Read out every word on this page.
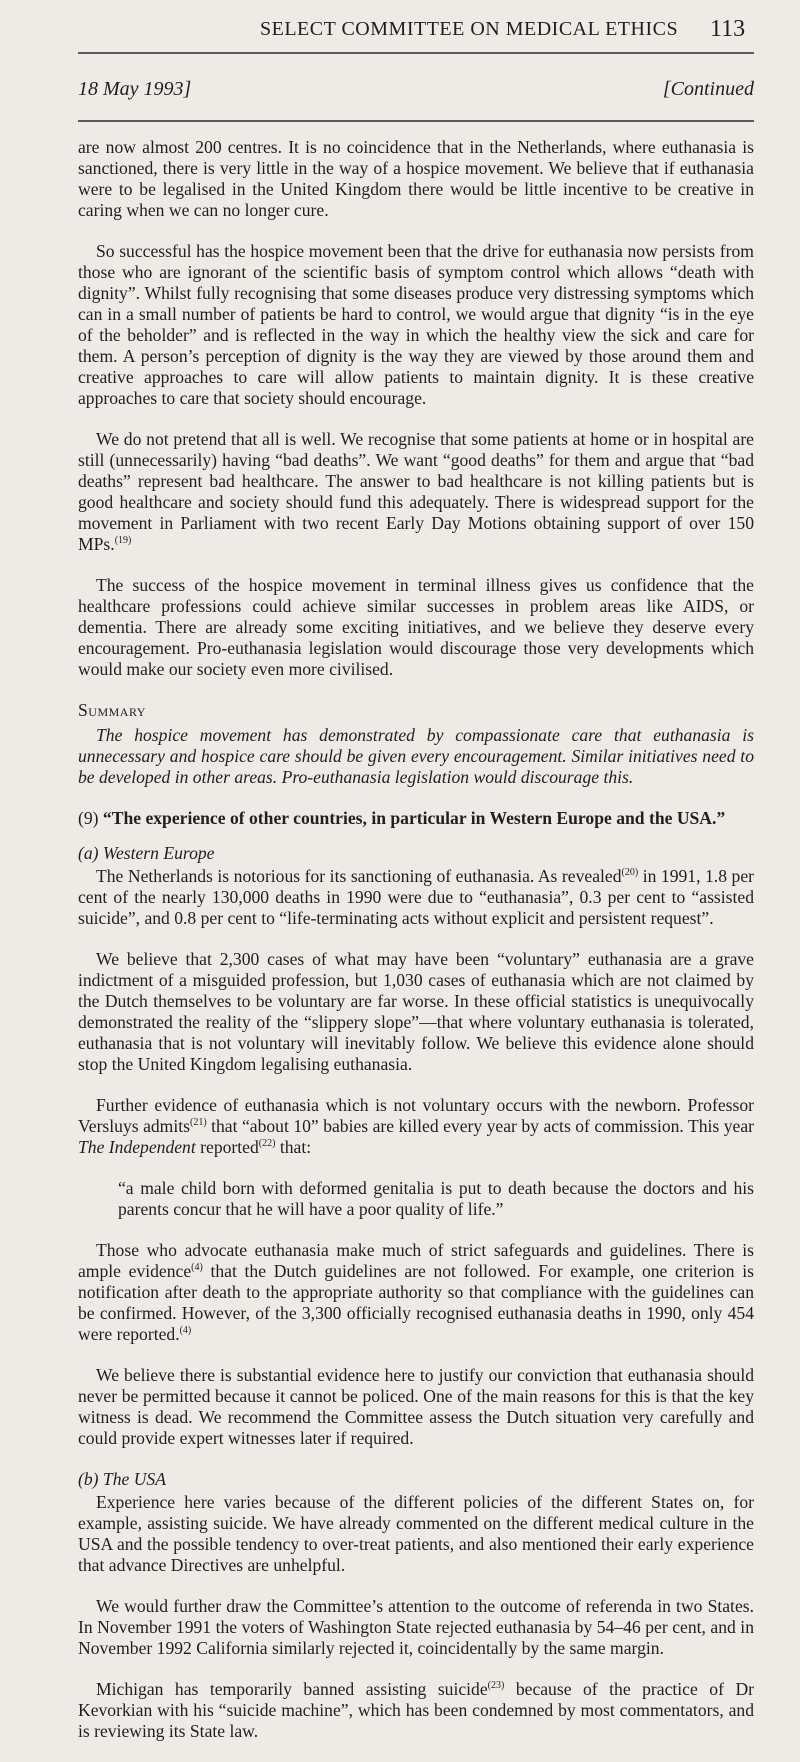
SELECT COMMITTEE ON MEDICAL ETHICS 113
18 May 1993]	[Continued

are now almost 200 centres. It is no coincidence that in the Netherlands, where euthanasia is sanctioned, there is very little in the way of a hospice movement. We believe that if euthanasia were to be legalised in the United Kingdom there would be little incentive to be creative in caring when we can no longer cure.

So successful has the hospice movement been that the drive for euthanasia now persists from those who are ignorant of the scientific basis of symptom control which allows “death with dignity”. Whilst fully recognising that some diseases produce very distressing symptoms which can in a small number of patients be hard to control, we would argue that dignity “is in the eye of the beholder” and is reflected in the way in which the healthy view the sick and care for them. A person’s perception of dignity is the way they are viewed by those around them and creative approaches to care will allow patients to maintain dignity. It is these creative approaches to care that society should encourage.

We do not pretend that all is well. We recognise that some patients at home or in hospital are still (unnecessarily) having “bad deaths”. We want “good deaths” for them and argue that “bad deaths” represent bad healthcare. The answer to bad healthcare is not killing patients but is good healthcare and society should fund this adequately. There is widespread support for the movement in Parliament with two recent Early Day Motions obtaining support of over 150 MPs.$^{(19)}$

The success of the hospice movement in terminal illness gives us confidence that the healthcare professions could achieve similar successes in problem areas like AIDS, or dementia. There are already some exciting initiatives, and we believe they deserve every encouragement. Pro-euthanasia legislation would discourage those very developments which would make our society even more civilised.

Summary

The hospice movement has demonstrated by compassionate care that euthanasia is unnecessary and hospice care should be given every encouragement. Similar initiatives need to be developed in other areas. Pro-euthanasia legislation would discourage this.

(9) “The experience of other countries, in particular in Western Europe and the USA.”
(a) Western Europe

The Netherlands is notorious for its sanctioning of euthanasia. As revealed$^{(20)}$ in 1991, 1.8 per cent of the nearly 130,000 deaths in 1990 were due to “euthanasia”, 0.3 per cent to “assisted suicide”, and 0.8 per cent to “life-terminating acts without explicit and persistent request”.

We believe that 2,300 cases of what may have been “voluntary” euthanasia are a grave indictment of a misguided profession, but 1,030 cases of euthanasia which are not claimed by the Dutch themselves to be voluntary are far worse. In these official statistics is unequivocally demonstrated the reality of the “slippery slope”—that where voluntary euthanasia is tolerated, euthanasia that is not voluntary will inevitably follow. We believe this evidence alone should stop the United Kingdom legalising euthanasia.

Further evidence of euthanasia which is not voluntary occurs with the newborn. Professor Versluys admits$^{(21)}$ that “about 10” babies are killed every year by acts of commission. This year The Independent reported$^{(22)}$ that:

“a male child born with deformed genitalia is put to death because the doctors and his parents concur that he will have a poor quality of life.”

Those who advocate euthanasia make much of strict safeguards and guidelines. There is ample evidence$^{(4)}$ that the Dutch guidelines are not followed. For example, one criterion is notification after death to the appropriate authority so that compliance with the guidelines can be confirmed. However, of the 3,300 officially recognised euthanasia deaths in 1990, only 454 were reported.$^{(4)}$

We believe there is substantial evidence here to justify our conviction that euthanasia should never be permitted because it cannot be policed. One of the main reasons for this is that the key witness is dead. We recommend the Committee assess the Dutch situation very carefully and could provide expert witnesses later if required.

(b) The USA

Experience here varies because of the different policies of the different States on, for example, assisting suicide. We have already commented on the different medical culture in the USA and the possible tendency to over-treat patients, and also mentioned their early experience that advance Directives are unhelpful.

We would further draw the Committee’s attention to the outcome of referenda in two States. In November 1991 the voters of Washington State rejected euthanasia by 54–46 per cent, and in November 1992 California similarly rejected it, coincidentally by the same margin.

Michigan has temporarily banned assisting suicide$^{(23)}$ because of the practice of Dr Kevorkian with his “suicide machine”, which has been condemned by most commentators, and is reviewing its State law.
